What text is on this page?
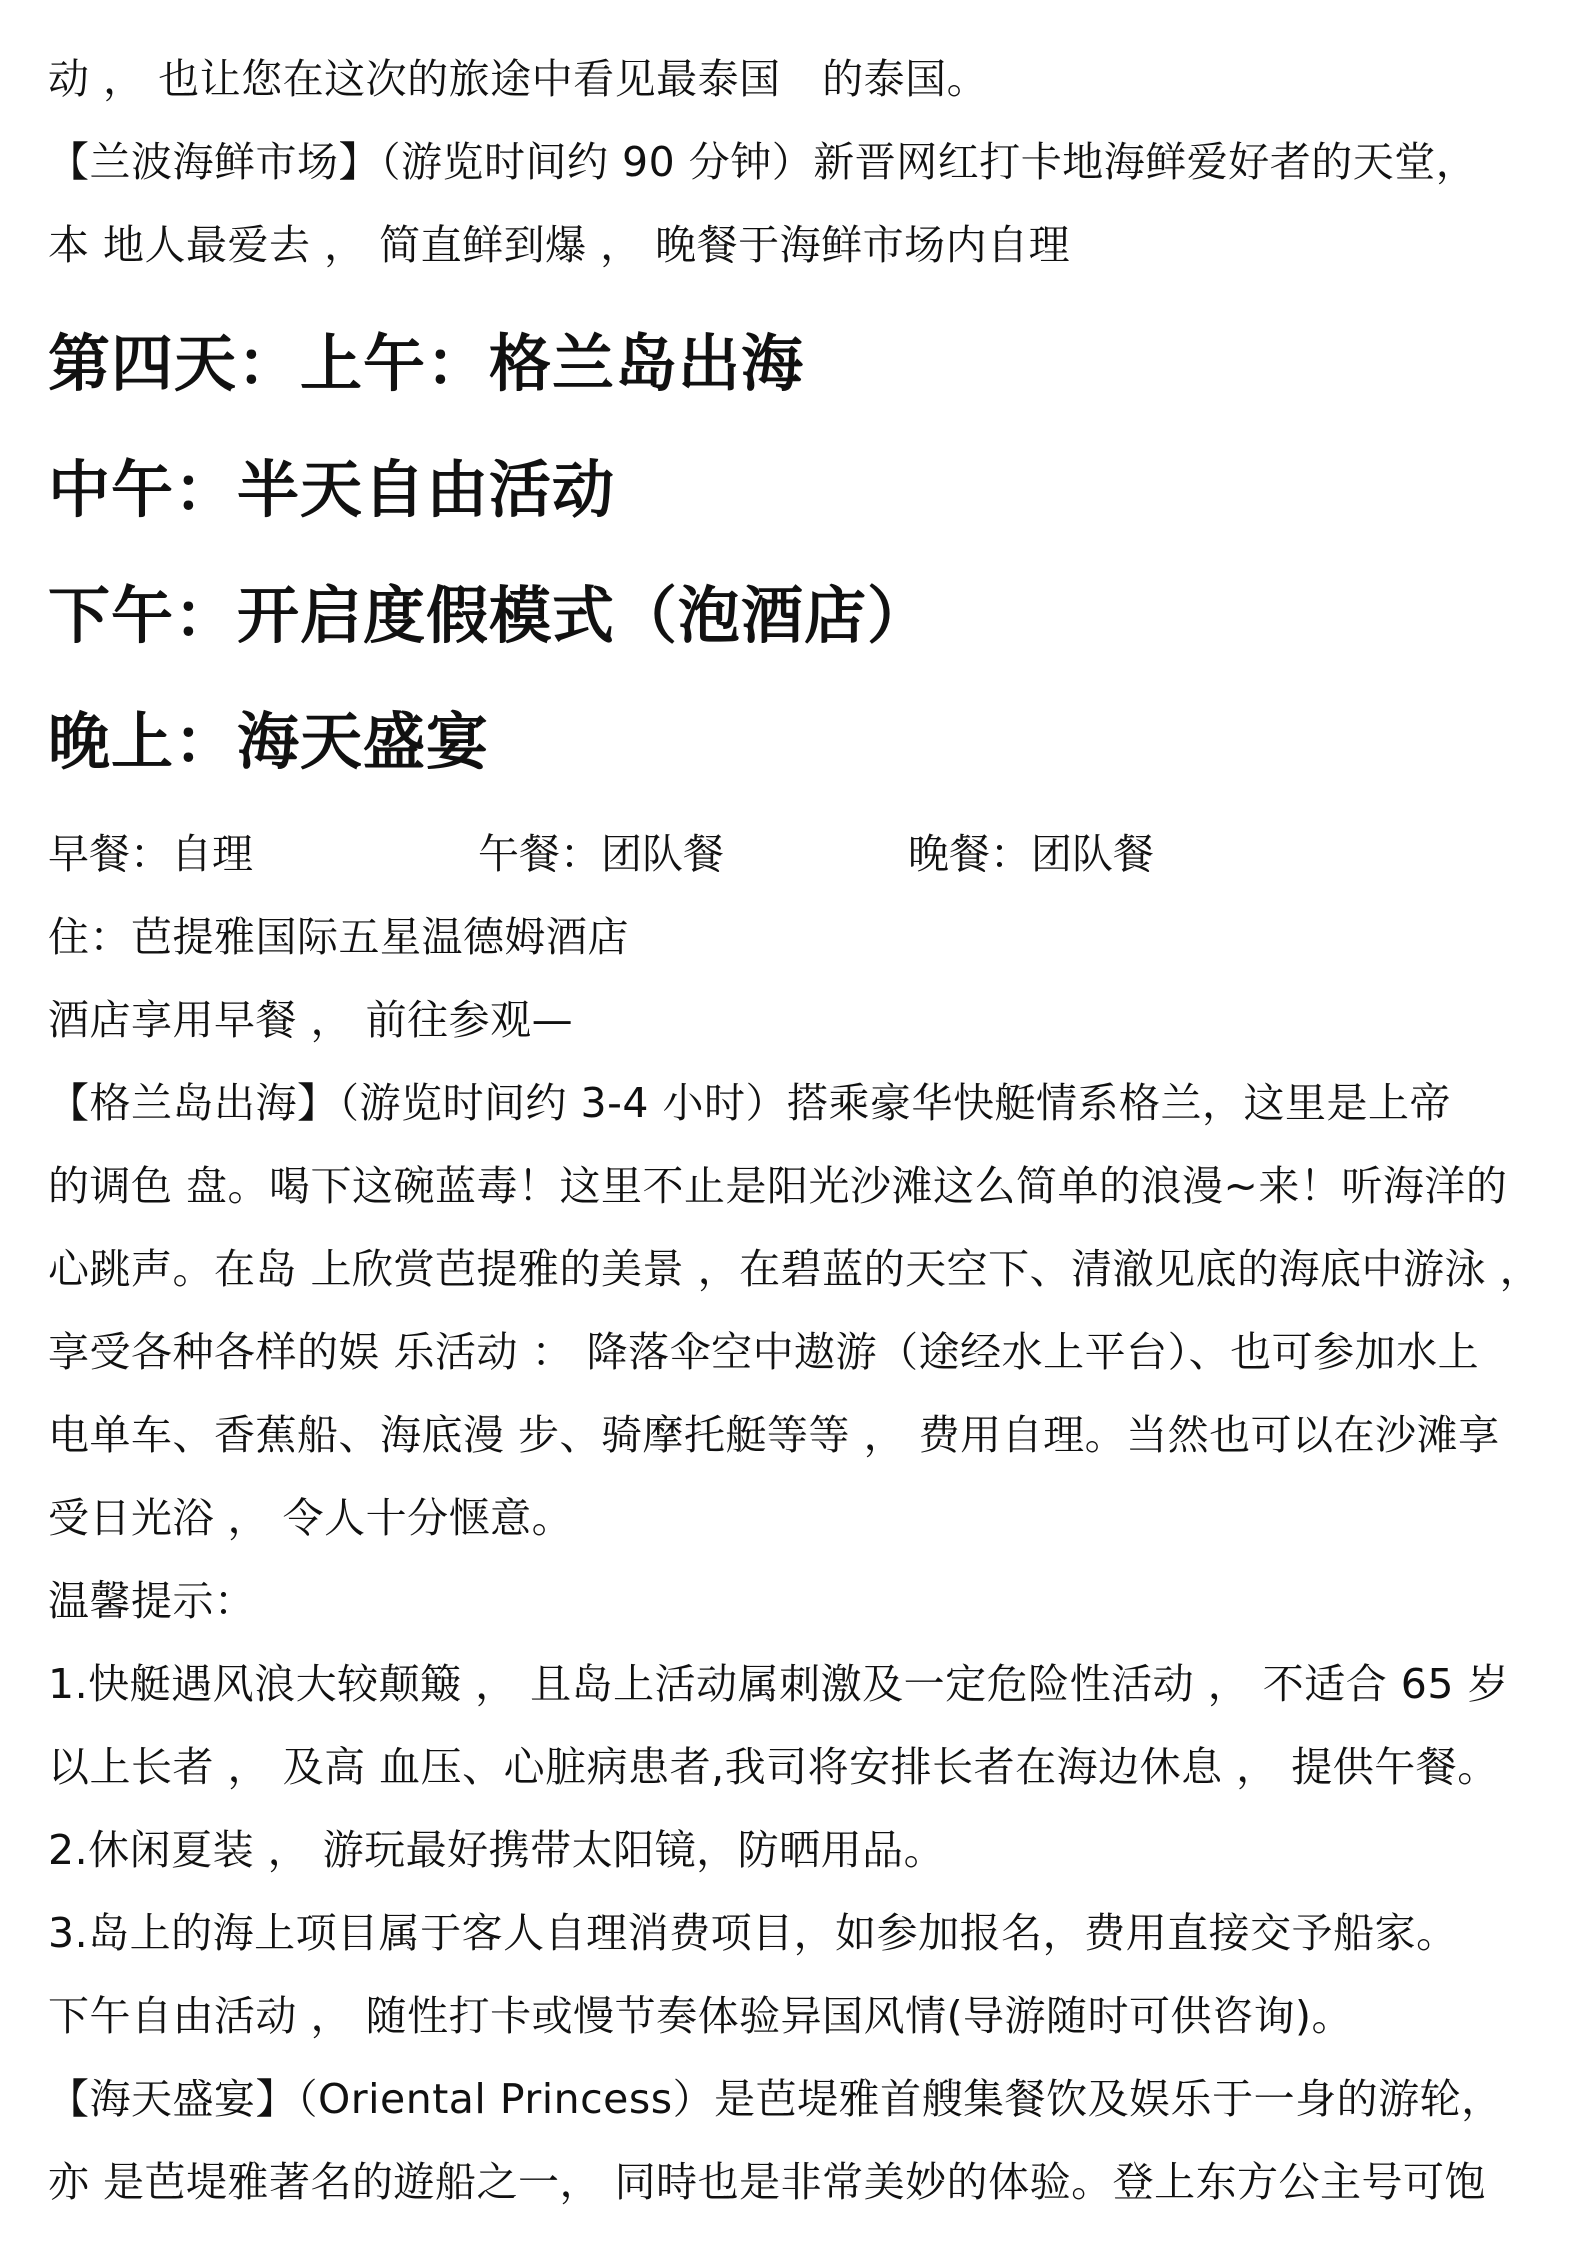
动 ， 也让您在这次的旅途中看见最泰国　的泰国。

【兰波海鲜市场】（游览时间约 90 分钟）新晋网红打卡地海鲜爱好者的天堂，

本 地人最爱去 ， 简直鲜到爆 ， 晚餐于海鲜市场内自理

第四天：上午：格兰岛出海
中午：半天自由活动
下午：开启度假模式（泡酒店）
晚上：海天盛宴
早餐：自理	午餐：团队餐	晚餐：团队餐

住：芭提雅国际五星温德姆酒店

酒店享用早餐 ， 前往参观—

【格兰岛出海】（游览时间约 3-4 小时）搭乘豪华快艇情系格兰，这里是上帝

的调色 盘。喝下这碗蓝毒！这里不止是阳光沙滩这么简单的浪漫~来！听海洋的

心跳声。在岛 上欣赏芭提雅的美景 ，在碧蓝的天空下、清澈见底的海底中游泳 ，

享受各种各样的娱 乐活动 ： 降落伞空中遨游（途经水上平台）、也可参加水上

电单车、香蕉船、海底漫 步、骑摩托艇等等 ， 费用自理。当然也可以在沙滩享

受日光浴 ， 令人十分惬意。

温馨提示：

1.快艇遇风浪大较颠簸 ， 且岛上活动属刺激及一定危险性活动 ， 不适合 65 岁

以上长者 ， 及高 血压、心脏病患者,我司将安排长者在海边休息 ， 提供午餐。

2.休闲夏装 ， 游玩最好携带太阳镜，防晒用品。

3.岛上的海上项目属于客人自理消费项目，如参加报名，费用直接交予船家。

下午自由活动 ， 随性打卡或慢节奏体验异国风情(导游随时可供咨询)。

【海天盛宴】（Oriental Princess）是芭堤雅首艘集餐饮及娱乐于一身的游轮，

亦 是芭堤雅著名的遊船之一， 同時也是非常美妙的体验。登上东方公主号可饱
